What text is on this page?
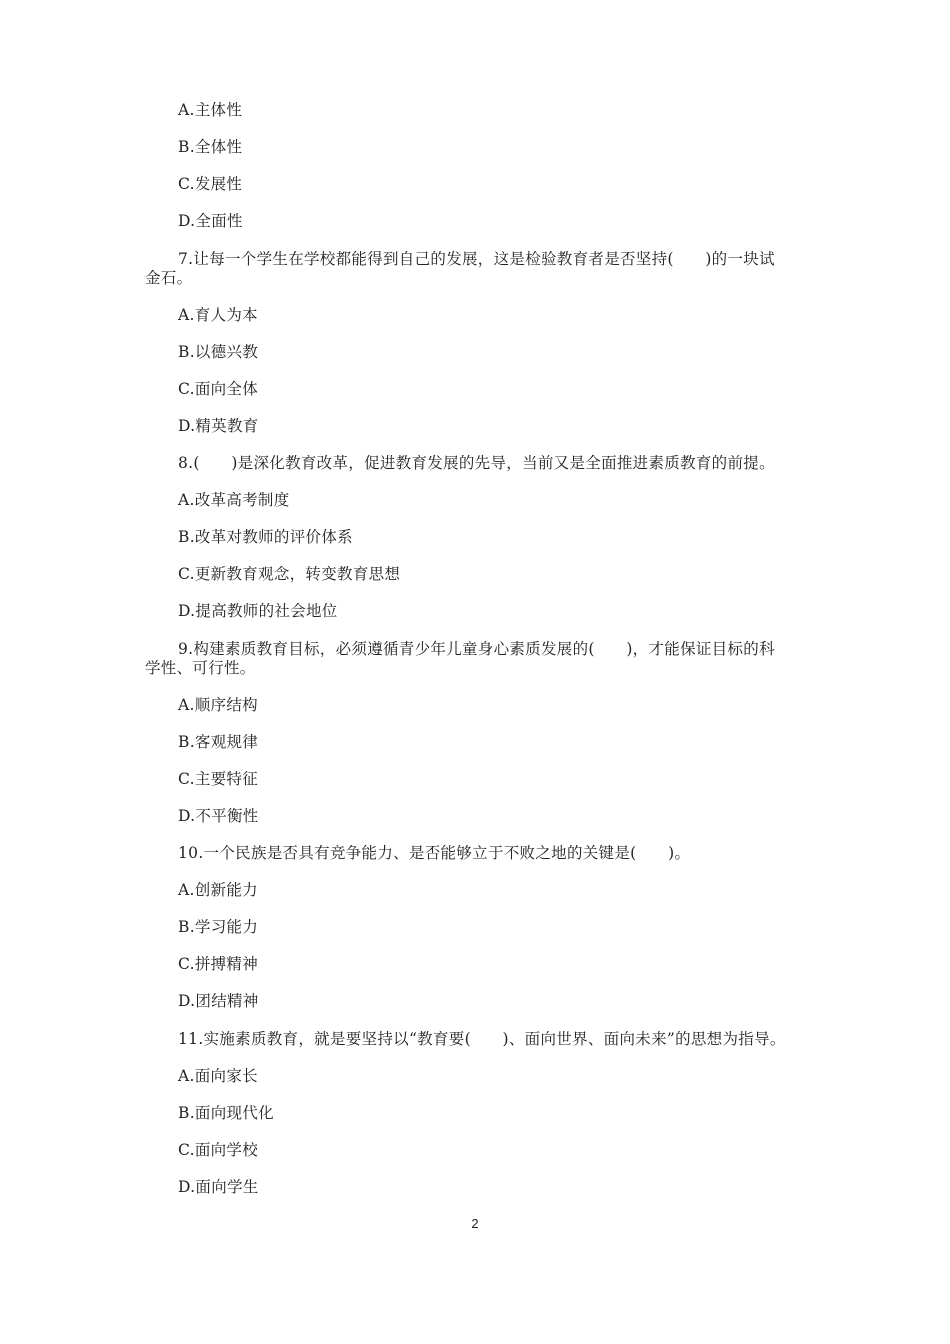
A.主体性
B.全体性
C.发展性
D.全面性
7.让每一个学生在学校都能得到自己的发展，这是检验教育者是否坚持(　　)的一块试
金石。
A.育人为本
B.以德兴教
C.面向全体
D.精英教育
8.(　　)是深化教育改革，促进教育发展的先导，当前又是全面推进素质教育的前提。
A.改革高考制度
B.改革对教师的评价体系
C.更新教育观念，转变教育思想
D.提高教师的社会地位
9.构建素质教育目标，必须遵循青少年儿童身心素质发展的(　　)，才能保证目标的科
学性、可行性。
A.顺序结构
B.客观规律
C.主要特征
D.不平衡性
10.一个民族是否具有竞争能力、是否能够立于不败之地的关键是(　　)。
A.创新能力
B.学习能力
C.拼搏精神
D.团结精神
11.实施素质教育，就是要坚持以“教育要(　　)、面向世界、面向未来”的思想为指导。
A.面向家长
B.面向现代化
C.面向学校
D.面向学生
2
